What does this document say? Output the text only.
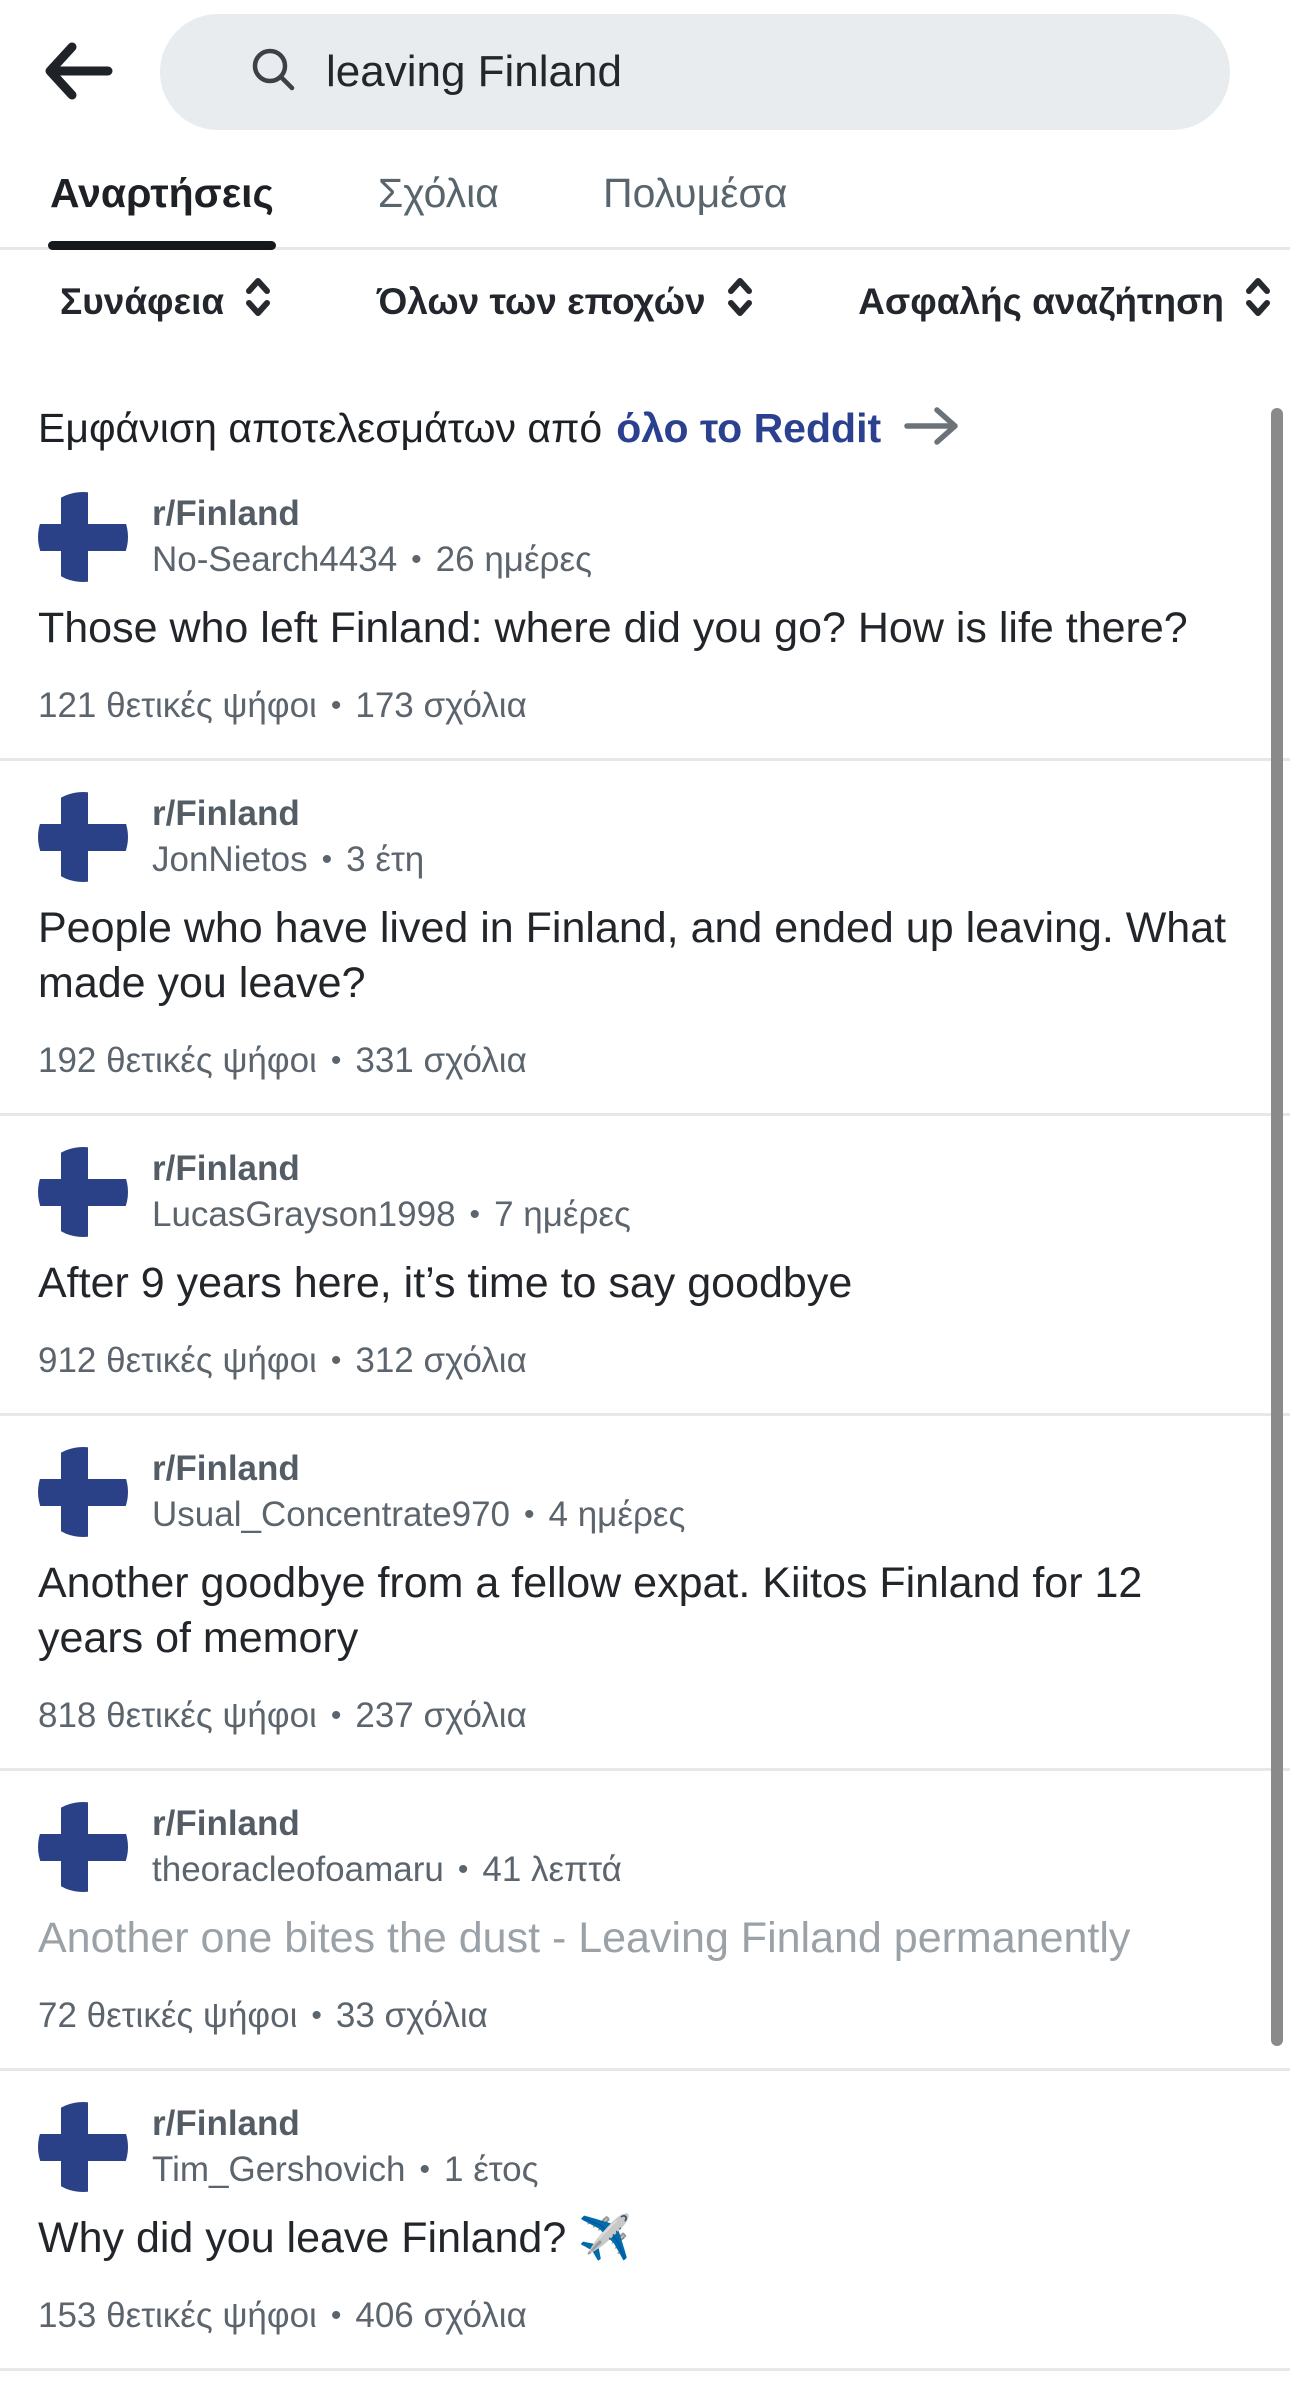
leaving Finland
Αναρτήσεις	Σχόλια	Πολυμέσα
Συνάφεια	Όλων των εποχών	Ασφαλής αναζήτηση
Εμφάνιση αποτελεσμάτων από όλο το Reddit
r/Finland
No-Search4434 • 26 ημέρες
Those who left Finland: where did you go? How is life there?
121 θετικές ψήφοι • 173 σχόλια
r/Finland
JonNietos • 3 έτη
People who have lived in Finland, and ended up leaving. What made you leave?
192 θετικές ψήφοι • 331 σχόλια
r/Finland
LucasGrayson1998 • 7 ημέρες
After 9 years here, it’s time to say goodbye
912 θετικές ψήφοι • 312 σχόλια
r/Finland
Usual_Concentrate970 • 4 ημέρες
Another goodbye from a fellow expat. Kiitos Finland for 12 years of memory
818 θετικές ψήφοι • 237 σχόλια
r/Finland
theoracleofoamaru • 41 λεπτά
Another one bites the dust - Leaving Finland permanently
72 θετικές ψήφοι • 33 σχόλια
r/Finland
Tim_Gershovich • 1 έτος
Why did you leave Finland? ✈️
153 θετικές ψήφοι • 406 σχόλια
